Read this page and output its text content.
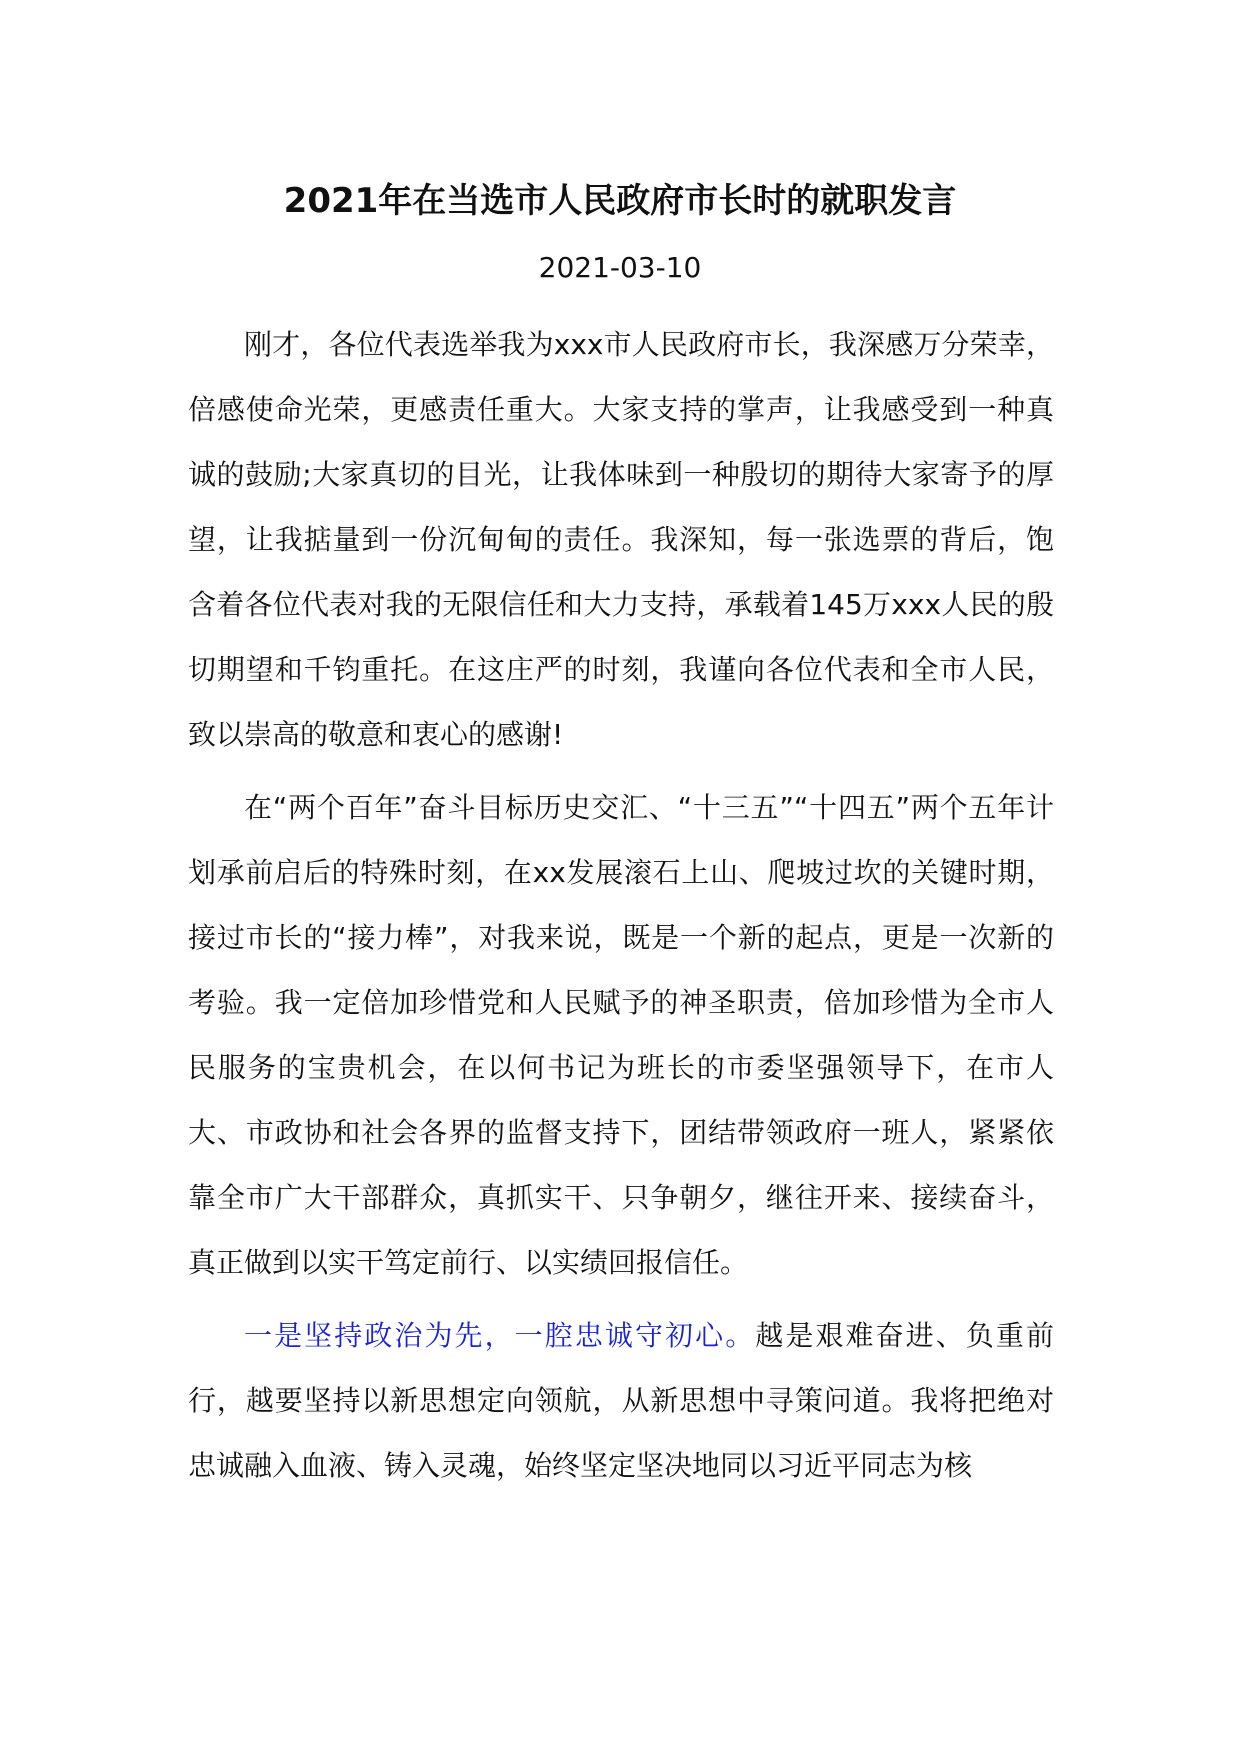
2021年在当选市人民政府市长时的就职发言
2021-03-10

刚才，各位代表选举我为xxx市人民政府市长，我深感万分荣幸，倍感使命光荣，更感责任重大。大家支持的掌声，让我感受到一种真诚的鼓励;大家真切的目光，让我体味到一种殷切的期待大家寄予的厚望，让我掂量到一份沉甸甸的责任。我深知，每一张选票的背后，饱含着各位代表对我的无限信任和大力支持，承载着145万xxx人民的殷切期望和千钧重托。在这庄严的时刻，我谨向各位代表和全市人民，致以崇高的敬意和衷心的感谢!

在“两个百年”奋斗目标历史交汇、“十三五”“十四五”两个五年计划承前启后的特殊时刻，在xx发展滚石上山、爬坡过坎的关键时期，接过市长的“接力棒”，对我来说，既是一个新的起点，更是一次新的考验。我一定倍加珍惜党和人民赋予的神圣职责，倍加珍惜为全市人民服务的宝贵机会，在以何书记为班长的市委坚强领导下，在市人大、市政协和社会各界的监督支持下，团结带领政府一班人，紧紧依靠全市广大干部群众，真抓实干、只争朝夕，继往开来、接续奋斗，真正做到以实干笃定前行、以实绩回报信任。

一是坚持政治为先，一腔忠诚守初心。越是艰难奋进、负重前行，越要坚持以新思想定向领航，从新思想中寻策问道。我将把绝对忠诚融入血液、铸入灵魂，始终坚定坚决地同以习近平同志为核
